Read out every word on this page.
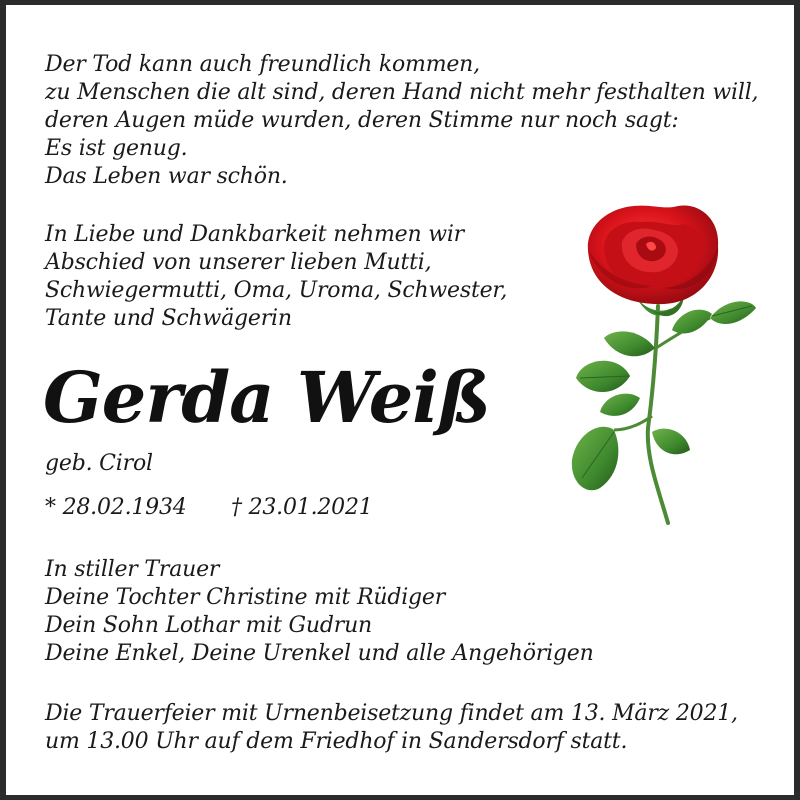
Der Tod kann auch freundlich kommen,
zu Menschen die alt sind, deren Hand nicht mehr festhalten will,
deren Augen müde wurden, deren Stimme nur noch sagt:
Es ist genug.
Das Leben war schön.
In Liebe und Dankbarkeit nehmen wir
Abschied von unserer lieben Mutti,
Schwiegermutti, Oma, Uroma, Schwester,
Tante und Schwägerin
Gerda Weiß
geb. Cirol
* 28.02.1934 † 23.01.2021
In stiller Trauer
Deine Tochter Christine mit Rüdiger
Dein Sohn Lothar mit Gudrun
Deine Enkel, Deine Urenkel und alle Angehörigen
Die Trauerfeier mit Urnenbeisetzung findet am 13. März 2021,
um 13.00 Uhr auf dem Friedhof in Sandersdorf statt.
